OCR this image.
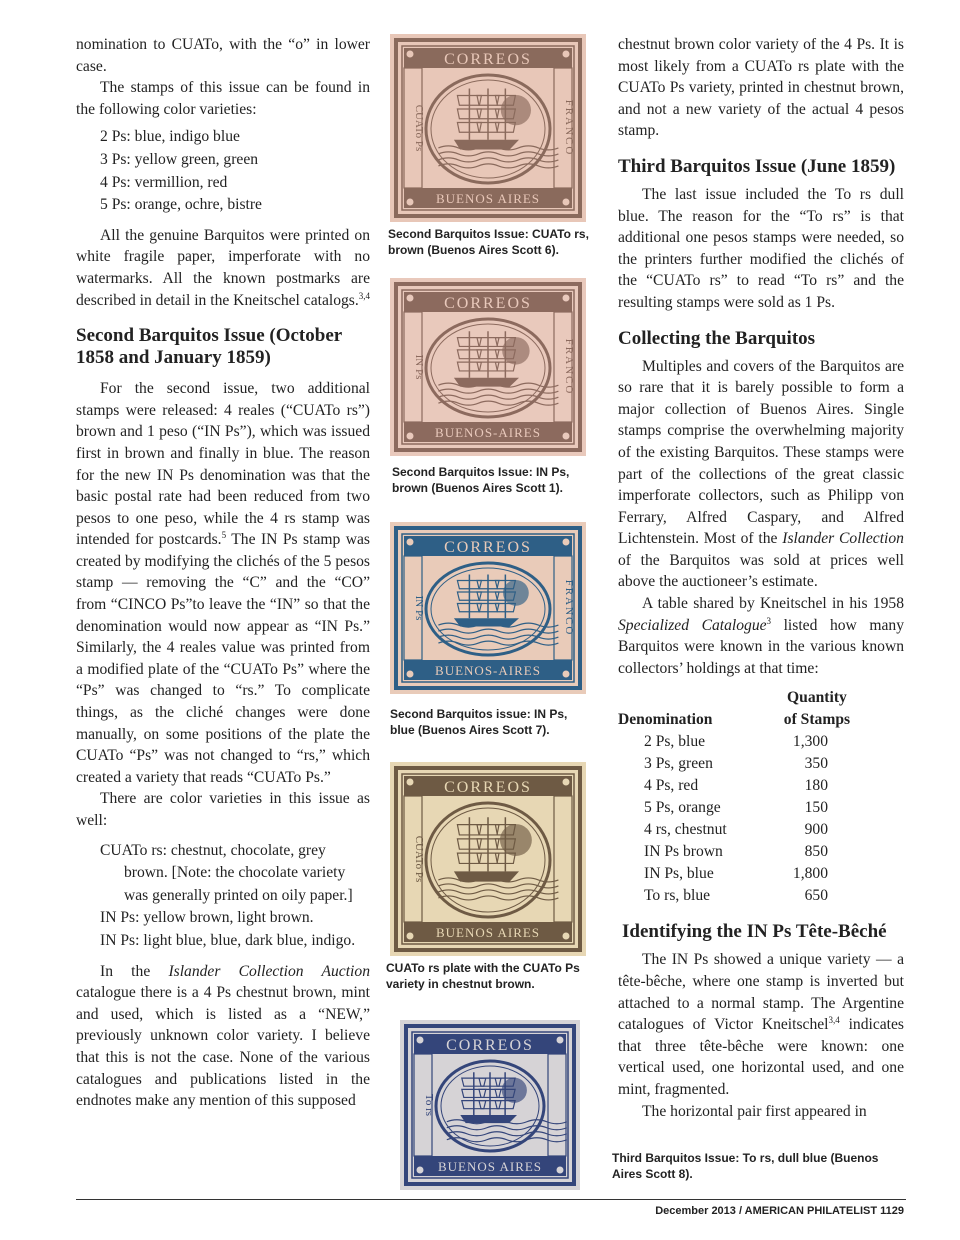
nomination to CUATo, with the “o” in lower case.

The stamps of this issue can be found in the following color varieties:

2 Ps: blue, indigo blue
3 Ps: yellow green, green
4 Ps: vermillion, red
5 Ps: orange, ochre, bistre

All the genuine Barquitos were printed on white fragile paper, imperforate with no watermarks. All the known postmarks are described in detail in the Kneitschel catalogs.$^{3,4}$

Second Barquitos Issue (October 1858 and January 1859)

For the second issue, two additional stamps were released: 4 reales (“CUATo rs”) brown and 1 peso (“IN Ps”), which was issued first in brown and finally in blue. The reason for the new IN Ps denomination was that the basic postal rate had been reduced from two pesos to one peso, while the 4 rs stamp was intended for postcards.$^5$ The IN Ps stamp was created by modifying the clichés of the 5 pesos stamp — removing the “C” and the “CO” from “CINCO Ps”to leave the “IN” so that the denomination would now appear as “IN Ps.” Similarly, the 4 reales value was printed from a modified plate of the “CUATo Ps” where the “Ps” was changed to “rs.” To complicate things, as the cliché changes were done manually, on some positions of the plate the CUATo “Ps” was not changed to “rs,” which created a variety that reads “CUATo Ps.”

There are color varieties in this issue as well:

CUATo rs: chestnut, chocolate, grey brown. [Note: the chocolate variety was generally printed on oily paper.]
IN Ps: yellow brown, light brown.
IN Ps: light blue, blue, dark blue, indigo.

In the Islander Collection Auction catalogue there is a 4 Ps chestnut brown, mint and used, which is listed as a “NEW,” previously unknown color variety. I believe that this is not the case. None of the various catalogues and publications listed in the endnotes make any mention of this supposed

CORREOS
BUENOS AIRES
CUATo Ps	FRANCO
Second Barquitos Issue: CUATo rs, brown (Buenos Aires Scott 6).
CORREOS
BUENOS-AIRES
IN Ps	FRANCO
Second Barquitos Issue: IN Ps, brown (Buenos Aires Scott 1).
CORREOS
BUENOS-AIRES
IN Ps	FRANCO
Second Barquitos issue: IN Ps, blue (Buenos Aires Scott 7).
CORREOS
BUENOS AIRES
CUATo Ps
CUATo rs plate with the CUATo Ps variety in chestnut brown.
CORREOS
BUENOS AIRES
To rs
Third Barquitos Issue: To rs, dull blue (Buenos Aires Scott 8).

chestnut brown color variety of the 4 Ps. It is most likely from a CUATo rs plate with the CUATo Ps variety, printed in chestnut brown, and not a new variety of the actual 4 pesos stamp.

Third Barquitos Issue (June 1859)

The last issue included the To rs dull blue. The reason for the “To rs” is that additional one pesos stamps were needed, so the printers further modified the clichés of the “CUATo rs” to read “To rs” and the resulting stamps were sold as 1 Ps.

Collecting the Barquitos

Multiples and covers of the Barquitos are so rare that it is barely possible to form a major collection of Buenos Aires. Single stamps comprise the overwhelming majority of the existing Barquitos. These stamps were part of the collections of the great classic imperforate collectors, such as Philipp von Ferrary, Alfred Caspary, and Alfred Lichtenstein. Most of the Islander Collection of the Barquitos was sold at prices well above the auctioneer’s estimate.

A table shared by Kneitschel in his 1958 Specialized Catalogue$^3$ listed how many Barquitos were known in the various known collectors’ holdings at that time:

Denomination	Quantity
of Stamps
2 Ps, blue	1,300
3 Ps, green	350
4 Ps, red	180
5 Ps, orange	150
4 rs, chestnut	900
IN Ps brown	850
IN Ps, blue	1,800
To rs, blue	650
Identifying the IN Ps Tête-Bêché

The IN Ps showed a unique variety — a tête-bêche, where one stamp is inverted but attached to a normal stamp. The Argentine catalogues of Victor Kneitschel$^{3,4}$ indicates that three tête-bêche were known: one vertical used, one horizontal used, and one mint, fragmented.

The horizontal pair first appeared in

December 2013 / AMERICAN PHILATELIST 1129
